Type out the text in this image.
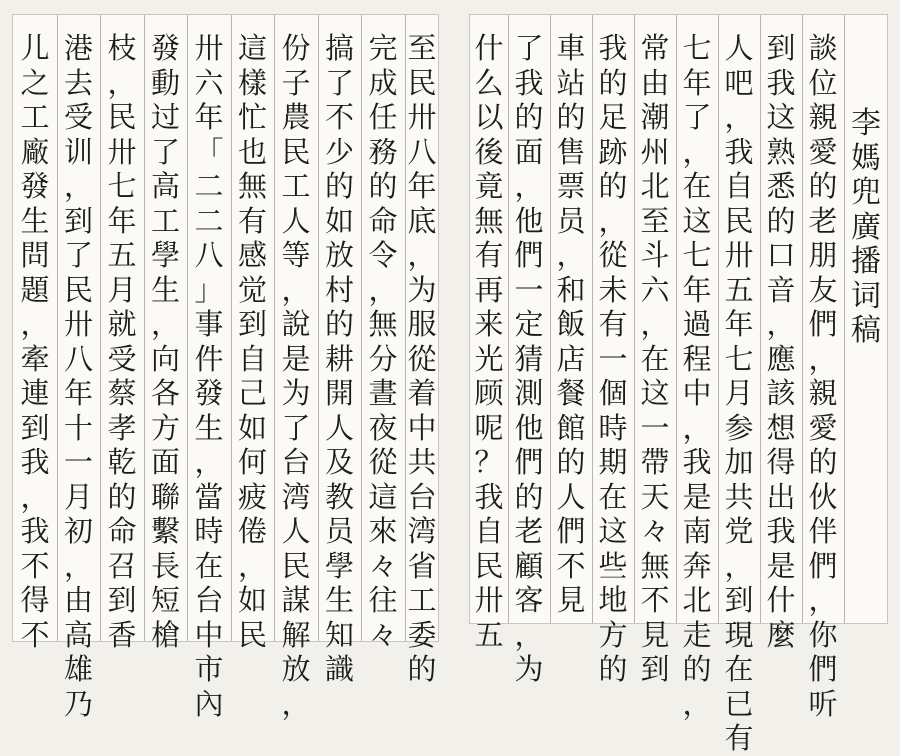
至
民
卅
八
年
底
，
为
服
從
着
中
共
台
湾
省
工
委
的
完
成
任
務
的
命
令
，
無
分
晝
夜
從
這
來
々
往
々
搞
了
不
少
的
如
放
村
的
耕
開
人
及
教
员
學
生
知
識
份
子
農
民
工
人
等
，
說
是
为
了
台
湾
人
民
謀
解
放
，
這
樣
忙
也
無
有
感
觉
到
自
己
如
何
疲
倦
，
如
民
卅
六
年
「
二
二
八
」
事
件
發
生
，
當
時
在
台
中
市
內
發
動
过
了
高
工
學
生
，
向
各
方
面
聯
繫
長
短
槍
枝
，
民
卅
七
年
五
月
就
受
蔡
孝
乾
的
命
召
到
香
港
去
受
训
，
到
了
民
卅
八
年
十
一
月
初
，
由
高
雄
乃
儿
之
工
廠
發
生
問
題
，
牽
連
到
我
，
我
不
得
不
李
媽
兜
廣
播
词
稿
談
位
親
愛
的
老
朋
友
們
，
親
愛
的
伙
伴
們
，
你
們
听
到
我
这
熟
悉
的
口
音
，
應
該
想
得
出
我
是
什
麼
人
吧
，
我
自
民
卅
五
年
七
月
参
加
共
党
，
到
現
在
已
有
七
年
了
，
在
这
七
年
過
程
中
，
我
是
南
奔
北
走
的
，
常
由
潮
州
北
至
斗
六
，
在
这
一
帶
天
々
無
不
見
到
我
的
足
跡
的
，
從
未
有
一
個
時
期
在
这
些
地
方
的
車
站
的
售
票
员
，
和
飯
店
餐
館
的
人
們
不
見
了
我
的
面
，
他
們
一
定
猜
測
他
們
的
老
顧
客
，
为
什
么
以
後
竟
無
有
再
来
光
顾
呢
？
我
自
民
卅
五
